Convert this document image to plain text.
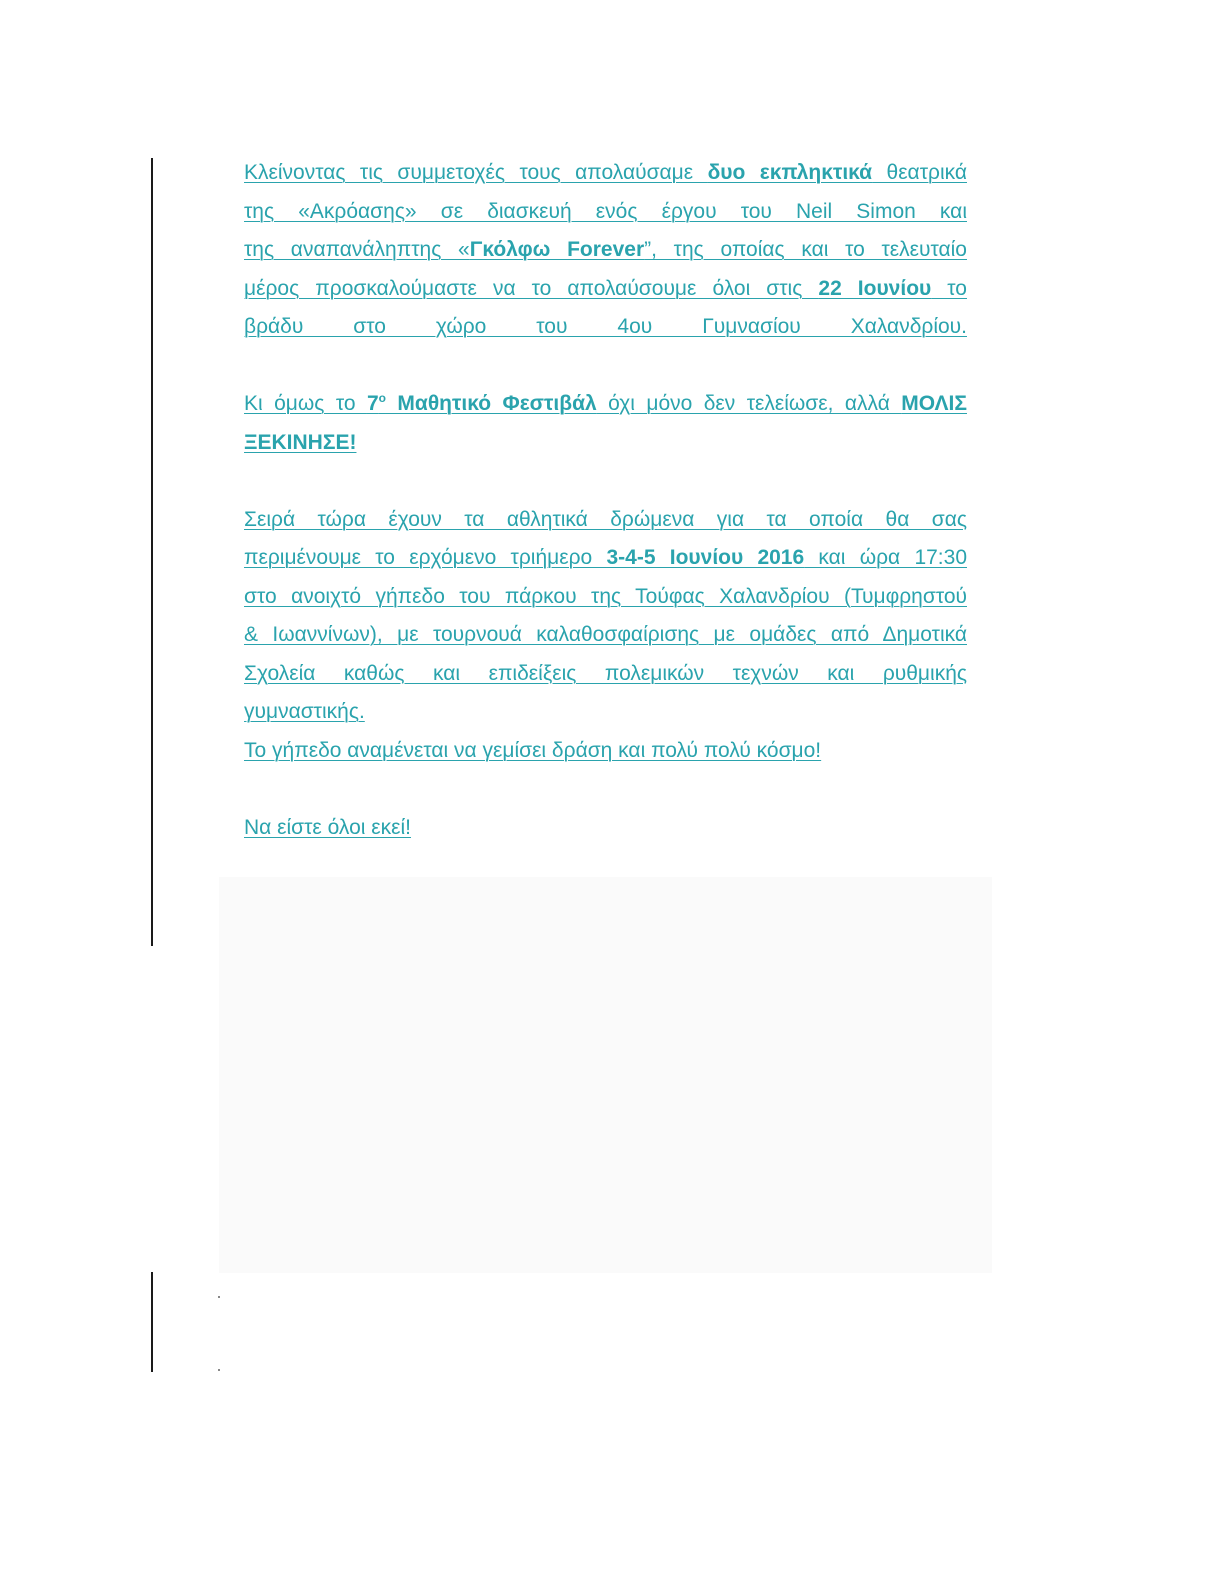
Κλείνοντας τις συμμετοχές τους απολαύσαμε δυο εκπληκτικά θεατρικά
της «Ακρόασης» σε διασκευή ενός έργου του Neil Simon και
της αναπανάληπτης «Γκόλφω Forever”, της οποίας και το τελευταίο
μέρος προσκαλούμαστε να το απολαύσουμε όλοι στις 22 Ιουνίου το
βράδυ στο χώρο του 4ου Γυμνασίου Χαλανδρίου.
Κι όμως το $7^o$ Μαθητικό Φεστιβάλ όχι μόνο δεν τελείωσε, αλλά ΜΟΛΙΣ
ΞΕΚΙΝΗΣΕ!
Σειρά τώρα έχουν τα αθλητικά δρώμενα για τα οποία θα σας
περιμένουμε το ερχόμενο τριήμερο 3-4-5 Ιουνίου 2016 και ώρα 17:30
στο ανοιχτό γήπεδο του πάρκου της Τούφας Χαλανδρίου (Τυμφρηστού
& Ιωαννίνων), με τουρνουά καλαθοσφαίρισης με ομάδες από Δημοτικά
Σχολεία καθώς και επιδείξεις πολεμικών τεχνών και ρυθμικής
γυμναστικής.
Το γήπεδο αναμένεται να γεμίσει δράση και πολύ πολύ κόσμο!
Να είστε όλοι εκεί!
